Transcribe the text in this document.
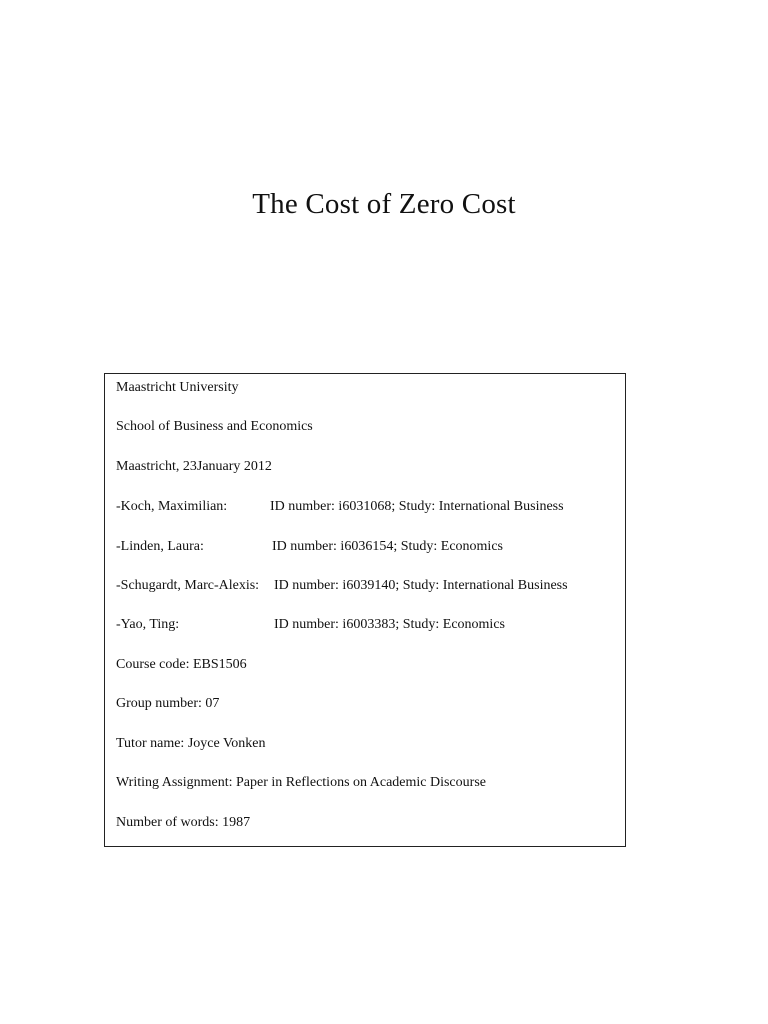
The Cost of Zero Cost
Maastricht University
School of Business and Economics
Maastricht, 23January 2012
-Koch, Maximilian:	ID number: i6031068; Study: International Business
-Linden, Laura:	ID number: i6036154; Study: Economics
-Schugardt, Marc-Alexis: ID number: i6039140; Study: International Business
-Yao, Ting:	ID number: i6003383; Study: Economics
Course code: EBS1506
Group number: 07
Tutor name: Joyce Vonken
Writing Assignment: Paper in Reflections on Academic Discourse
Number of words: 1987
